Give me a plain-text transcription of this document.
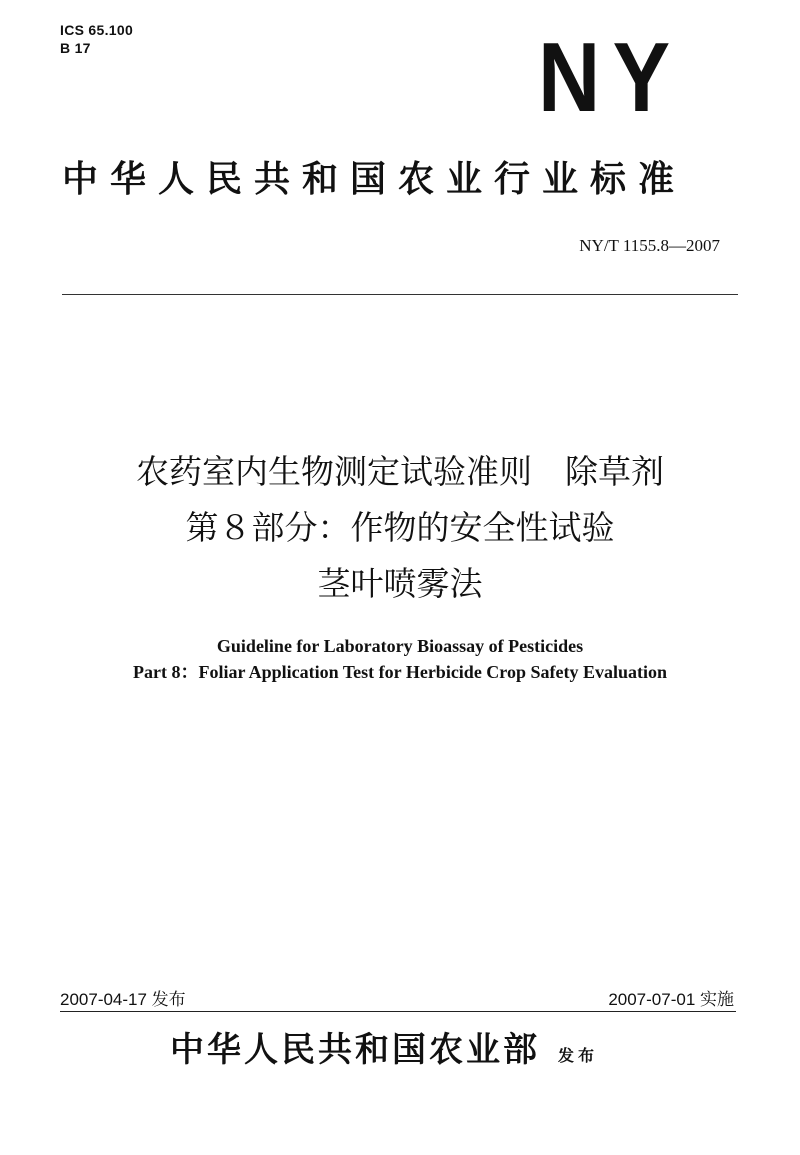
ICS 65.100
B 17	NY
中华人民共和国农业行业标准
NY/T 1155.8—2007
农药室内生物测定试验准则　除草剂
第８部分：作物的安全性试验
茎叶喷雾法
Guideline for Laboratory Bioassay of Pesticides
Part 8：Foliar Application Test for Herbicide Crop Safety Evaluation
2007-04-17 发布	2007-07-01 实施
中华人民共和国农业部 发布
